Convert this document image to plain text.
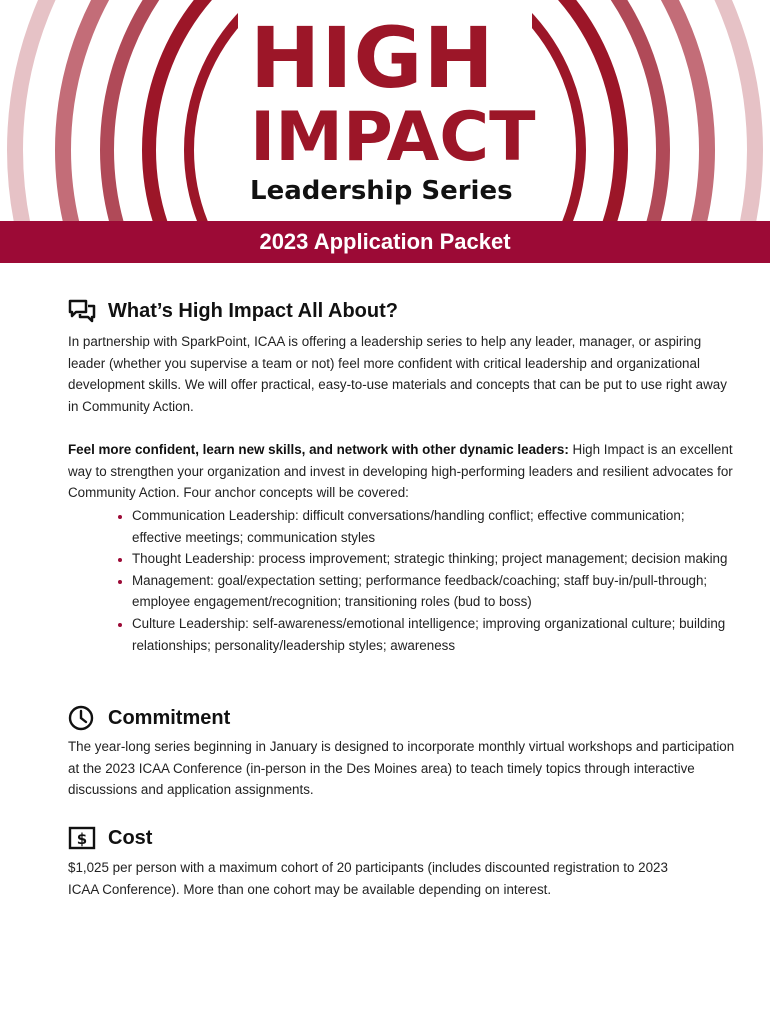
HIGH
IMPACT
Leadership Series
2023 Application Packet
What’s High Impact All About?
In partnership with SparkPoint, ICAA is offering a leadership series to help any leader, manager, or aspiring leader (whether you supervise a team or not) feel more confident with critical leadership and organizational development skills. We will offer practical, easy-to-use materials and concepts that can be put to use right away in Community Action.
Feel more confident, learn new skills, and network with other dynamic leaders: High Impact is an excellent way to strengthen your organization and invest in developing high-performing leaders and resilient advocates for Community Action. Four anchor concepts will be covered:
• Communication Leadership: difficult conversations/handling conflict; effective communication; effective meetings; communication styles
• Thought Leadership: process improvement; strategic thinking; project management; decision making
• Management: goal/expectation setting; performance feedback/coaching; staff buy-in/pull-through; employee engagement/recognition; transitioning roles (bud to boss)
• Culture Leadership: self-awareness/emotional intelligence; improving organizational culture; building relationships; personality/leadership styles; awareness
Commitment
The year-long series beginning in January is designed to incorporate monthly virtual workshops and participation at the 2023 ICAA Conference (in-person in the Des Moines area) to teach timely topics through interactive discussions and application assignments.
$ Cost
$1,025 per person with a maximum cohort of 20 participants (includes discounted registration to 2023 ICAA Conference). More than one cohort may be available depending on interest.
